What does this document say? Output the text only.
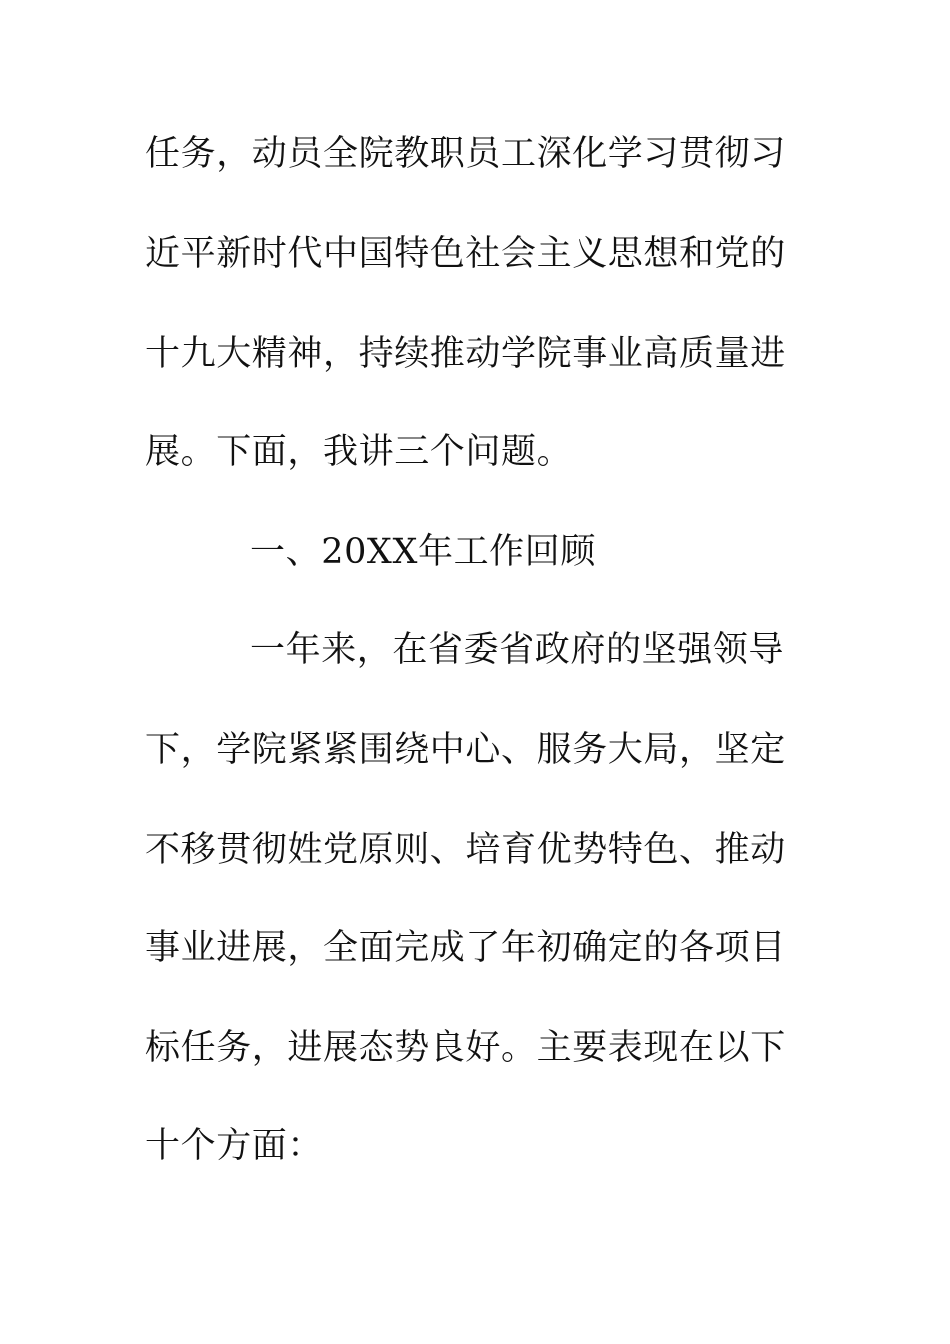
任务，动员全院教职员工深化学习贯彻习
近平新时代中国特色社会主义思想和党的
十九大精神，持续推动学院事业高质量进
展。下面，我讲三个问题。
一、20XX年工作回顾
一年来，在省委省政府的坚强领导
下，学院紧紧围绕中心、服务大局，坚定
不移贯彻姓党原则、培育优势特色、推动
事业进展，全面完成了年初确定的各项目
标任务，进展态势良好。主要表现在以下
十个方面：
